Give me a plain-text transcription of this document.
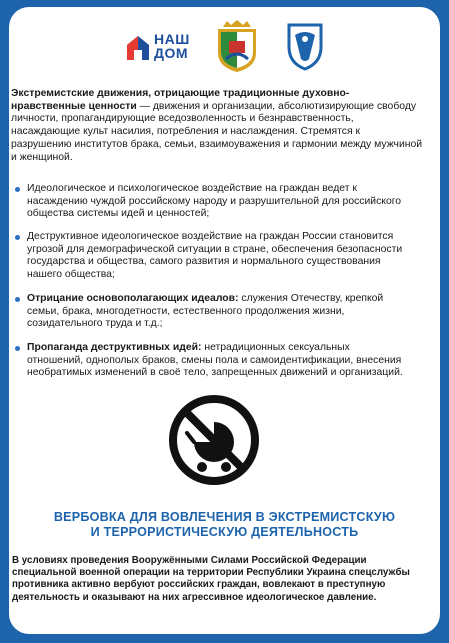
НАШ
ДОМ

Экстремистские движения, отрицающие традиционные духовно-нравственные ценности — движения и организации, абсолютизирующие свободу личности, пропагандирующие вседозволенность и безнравственность, насаждающие культ насилия, потребления и наслаждения. Стремятся к разрушению институтов брака, семьи, взаимоуважения и гармонии между мужчиной и женщиной.

Идеологическое и психологическое воздействие на граждан ведет к насаждению чуждой российскому народу и разрушительной для российского общества системы идей и ценностей;
Деструктивное идеологическое воздействие на граждан России становится угрозой для демографической ситуации в стране, обеспечения безопасности государства и общества, самого развития и нормального существования нашего общества;
Отрицание основополагающих идеалов: служения Отечеству, крепкой семьи, брака, многодетности, естественного продолжения жизни, созидательного труда и т.д.;
Пропаганда деструктивных идей: нетрадиционных сексуальных отношений, однополых браков, смены пола и самоидентификации, внесения необратимых изменений в своё тело, запрещенных движений и организаций.
ВЕРБОВКА ДЛЯ ВОВЛЕЧЕНИЯ В ЭКСТРЕМИСТСКУЮ
И ТЕРРОРИСТИЧЕСКУЮ ДЕЯТЕЛЬНОСТЬ

В условиях проведения Вооружёнными Силами Российской Федерации специальной военной операции на территории Республики Украина спецслужбы противника активно вербуют российских граждан, вовлекают в преступную деятельность и оказывают на них агрессивное идеологическое давление.
